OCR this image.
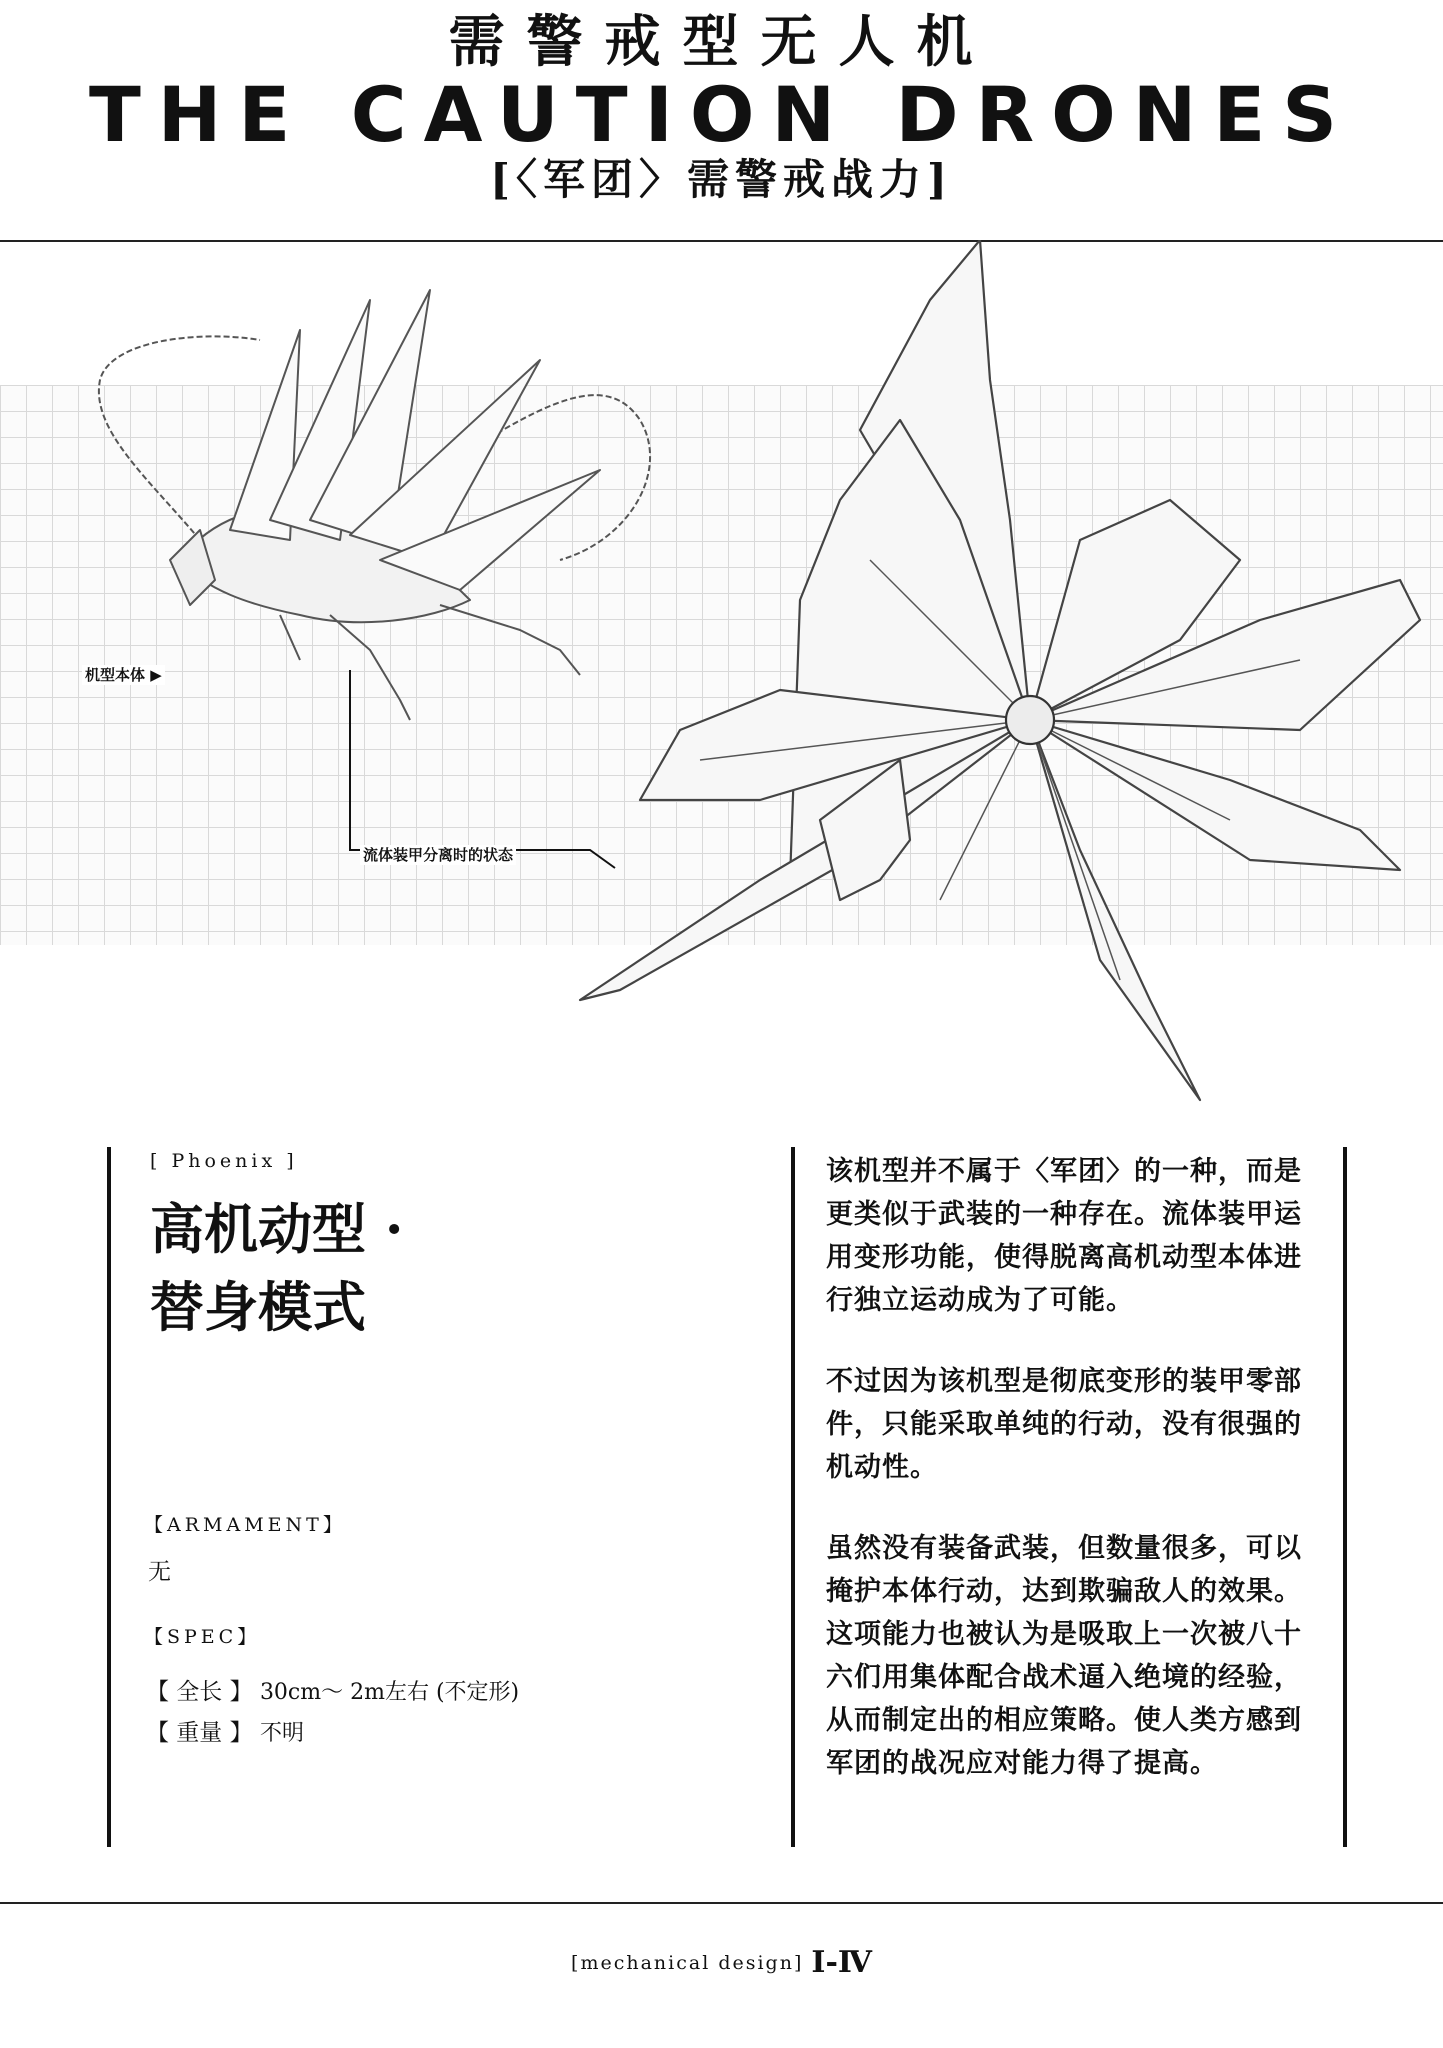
需警戒型无人机
THE CAUTION DRONES
[〈军团〉需警戒战力]
机型本体 ▶
流体装甲分离时的状态
[ Phoenix ]
高机动型 ·
替身模式
【ARMAMENT】
无
【SPEC】
【 全长 】 30cm～ 2m左右 (不定形)
【 重量 】 不明

该机型并不属于〈军团〉的一种，而是更类似于武装的一种存在。流体装甲运用变形功能，使得脱离高机动型本体进行独立运动成为了可能。

不过因为该机型是彻底变形的装甲零部件，只能采取单纯的行动，没有很强的机动性。

虽然没有装备武装，但数量很多，可以掩护本体行动，达到欺骗敌人的效果。这项能力也被认为是吸取上一次被八十六们用集体配合战术逼入绝境的经验，从而制定出的相应策略。使人类方感到军团的战况应对能力得了提高。

[mechanical design] Ⅰ-Ⅳ
